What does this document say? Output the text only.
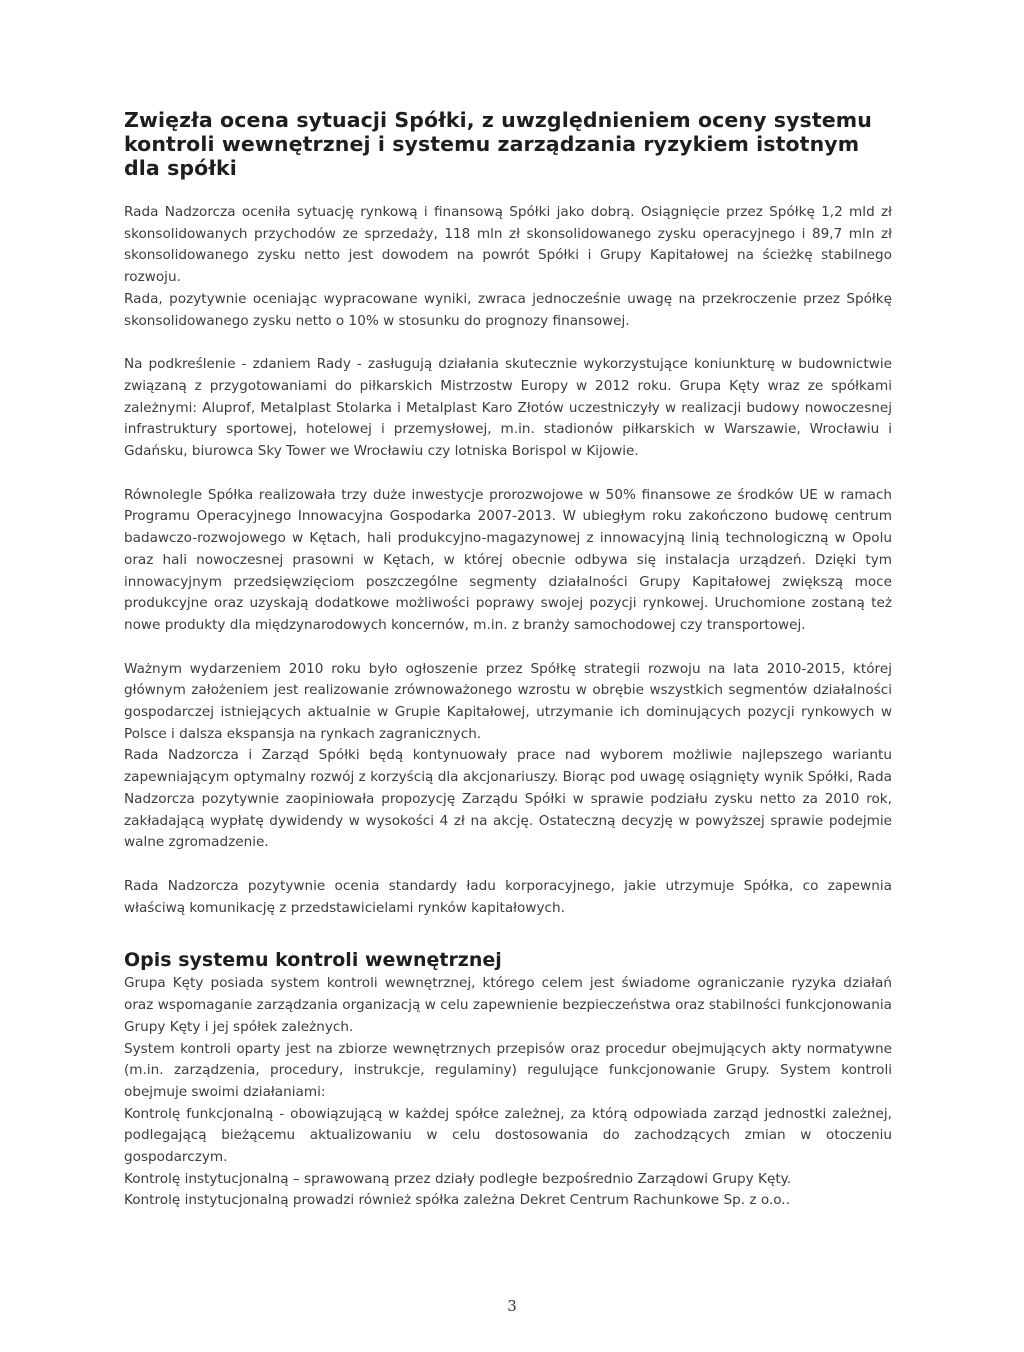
Zwięzła ocena sytuacji Spółki, z uwzględnieniem oceny systemu kontroli wewnętrznej i systemu zarządzania ryzykiem istotnym dla spółki

Rada Nadzorcza oceniła sytuację rynkową i finansową Spółki jako dobrą. Osiągnięcie przez Spółkę 1,2 mld zł skonsolidowanych przychodów ze sprzedaży, 118 mln zł skonsolidowanego zysku operacyjnego i 89,7 mln zł skonsolidowanego zysku netto jest dowodem na powrót Spółki i Grupy Kapitałowej na ścieżkę stabilnego rozwoju.

Rada, pozytywnie oceniając wypracowane wyniki, zwraca jednocześnie uwagę na przekroczenie przez Spółkę skonsolidowanego zysku netto o 10% w stosunku do prognozy finansowej.

Na podkreślenie - zdaniem Rady - zasługują działania skutecznie wykorzystujące koniunkturę w budownictwie związaną z przygotowaniami do piłkarskich Mistrzostw Europy w 2012 roku. Grupa Kęty wraz ze spółkami zależnymi: Aluprof, Metalplast Stolarka i Metalplast Karo Złotów uczestniczyły w realizacji budowy nowoczesnej infrastruktury sportowej, hotelowej i przemysłowej, m.in. stadionów piłkarskich w Warszawie, Wrocławiu i Gdańsku, biurowca Sky Tower we Wrocławiu czy lotniska Borispol w Kijowie.

Równolegle Spółka realizowała trzy duże inwestycje prorozwojowe w 50% finansowe ze środków UE w ramach Programu Operacyjnego Innowacyjna Gospodarka 2007-2013. W ubiegłym roku zakończono budowę centrum badawczo-rozwojowego w Kętach, hali produkcyjno-magazynowej z innowacyjną linią technologiczną w Opolu oraz hali nowoczesnej prasowni w Kętach, w której obecnie odbywa się instalacja urządzeń. Dzięki tym innowacyjnym przedsięwzięciom poszczególne segmenty działalności Grupy Kapitałowej zwiększą moce produkcyjne oraz uzyskają dodatkowe możliwości poprawy swojej pozycji rynkowej. Uruchomione zostaną też nowe produkty dla międzynarodowych koncernów, m.in. z branży samochodowej czy transportowej.

Ważnym wydarzeniem 2010 roku było ogłoszenie przez Spółkę strategii rozwoju na lata 2010-2015, której głównym założeniem jest realizowanie zrównoważonego wzrostu w obrębie wszystkich segmentów działalności gospodarczej istniejących aktualnie w Grupie Kapitałowej, utrzymanie ich dominujących pozycji rynkowych w Polsce i dalsza ekspansja na rynkach zagranicznych.

Rada Nadzorcza i Zarząd Spółki będą kontynuowały prace nad wyborem możliwie najlepszego wariantu zapewniającym optymalny rozwój z korzyścią dla akcjonariuszy. Biorąc pod uwagę osiągnięty wynik Spółki, Rada Nadzorcza pozytywnie zaopiniowała propozycję Zarządu Spółki w sprawie podziału zysku netto za 2010 rok, zakładającą wypłatę dywidendy w wysokości 4 zł na akcję. Ostateczną decyzję w powyższej sprawie podejmie walne zgromadzenie.

Rada Nadzorcza pozytywnie ocenia standardy ładu korporacyjnego, jakie utrzymuje Spółka, co zapewnia właściwą komunikację z przedstawicielami rynków kapitałowych.

Opis systemu kontroli wewnętrznej

Grupa Kęty posiada system kontroli wewnętrznej, którego celem jest świadome ograniczanie ryzyka działań oraz wspomaganie zarządzania organizacją w celu zapewnienie bezpieczeństwa oraz stabilności funkcjonowania Grupy Kęty i jej spółek zależnych.

System kontroli oparty jest na zbiorze wewnętrznych przepisów oraz procedur obejmujących akty normatywne (m.in. zarządzenia, procedury, instrukcje, regulaminy) regulujące funkcjonowanie Grupy. System kontroli obejmuje swoimi działaniami:

Kontrolę funkcjonalną - obowiązującą w każdej spółce zależnej, za którą odpowiada zarząd jednostki zależnej, podlegającą bieżącemu aktualizowaniu w celu dostosowania do zachodzących zmian w otoczeniu gospodarczym.

Kontrolę instytucjonalną – sprawowaną przez działy podległe bezpośrednio Zarządowi Grupy Kęty.

Kontrolę instytucjonalną prowadzi również spółka zależna Dekret Centrum Rachunkowe Sp. z o.o..

3
